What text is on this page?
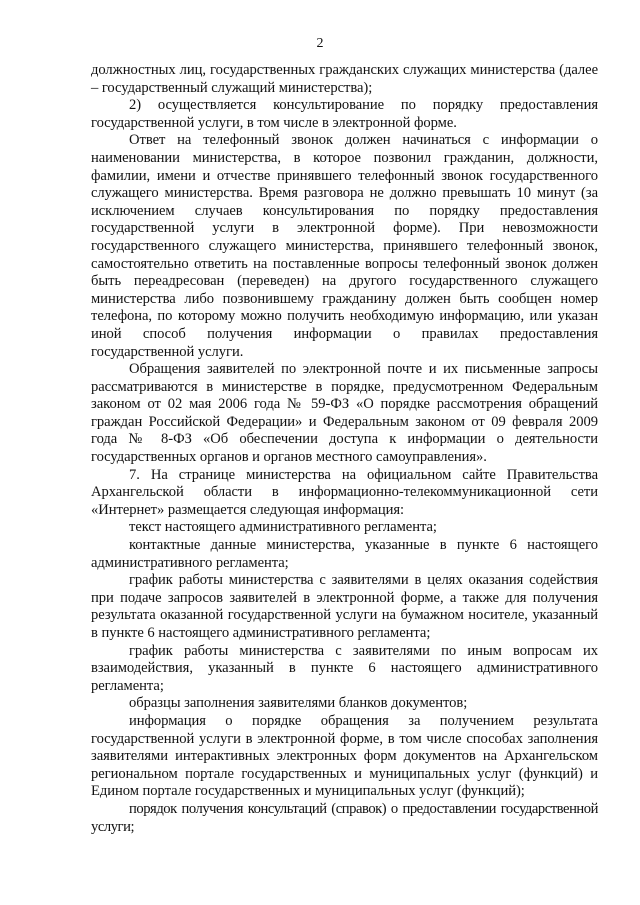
2

должностных лиц, государственных гражданских служащих министерства (далее – государственный служащий министерства);

2) осуществляется консультирование по порядку предоставления государственной услуги, в том числе в электронной форме.

Ответ на телефонный звонок должен начинаться с информации о наименовании министерства, в которое позвонил гражданин, должности, фамилии, имени и отчестве принявшего телефонный звонок государственного служащего министерства. Время разговора не должно превышать 10 минут (за исключением случаев консультирования по порядку предоставления государственной услуги в электронной форме). При невозможности государственного служащего министерства, принявшего телефонный звонок, самостоятельно ответить на поставленные вопросы телефонный звонок должен быть переадресован (переведен) на другого государственного служащего министерства либо позвонившему гражданину должен быть сообщен номер телефона, по которому можно получить необходимую информацию, или указан иной способ получения информации о правилах предоставления государственной услуги.

Обращения заявителей по электронной почте и их письменные запросы рассматриваются в министерстве в порядке, предусмотренном Федеральным законом от 02 мая 2006 года № 59-ФЗ «О порядке рассмотрения обращений граждан Российской Федерации» и Федеральным законом от 09 февраля 2009 года № 8-ФЗ «Об обеспечении доступа к информации о деятельности государственных органов и органов местного самоуправления».

7. На странице министерства на официальном сайте Правительства Архангельской области в информационно-телекоммуникационной сети «Интернет» размещается следующая информация:

текст настоящего административного регламента;

контактные данные министерства, указанные в пункте 6 настоящего административного регламента;

график работы министерства с заявителями в целях оказания содействия при подаче запросов заявителей в электронной форме, а также для получения результата оказанной государственной услуги на бумажном носителе, указанный в пункте 6 настоящего административного регламента;

график работы министерства с заявителями по иным вопросам их взаимодействия, указанный в пункте 6 настоящего административного регламента;

образцы заполнения заявителями бланков документов;

информация о порядке обращения за получением результата государственной услуги в электронной форме, в том числе способах заполнения заявителями интерактивных электронных форм документов на Архангельском региональном портале государственных и муниципальных услуг (функций) и Едином портале государственных и муниципальных услуг (функций);

порядок получения консультаций (справок) о предоставлении государственной услуги;
